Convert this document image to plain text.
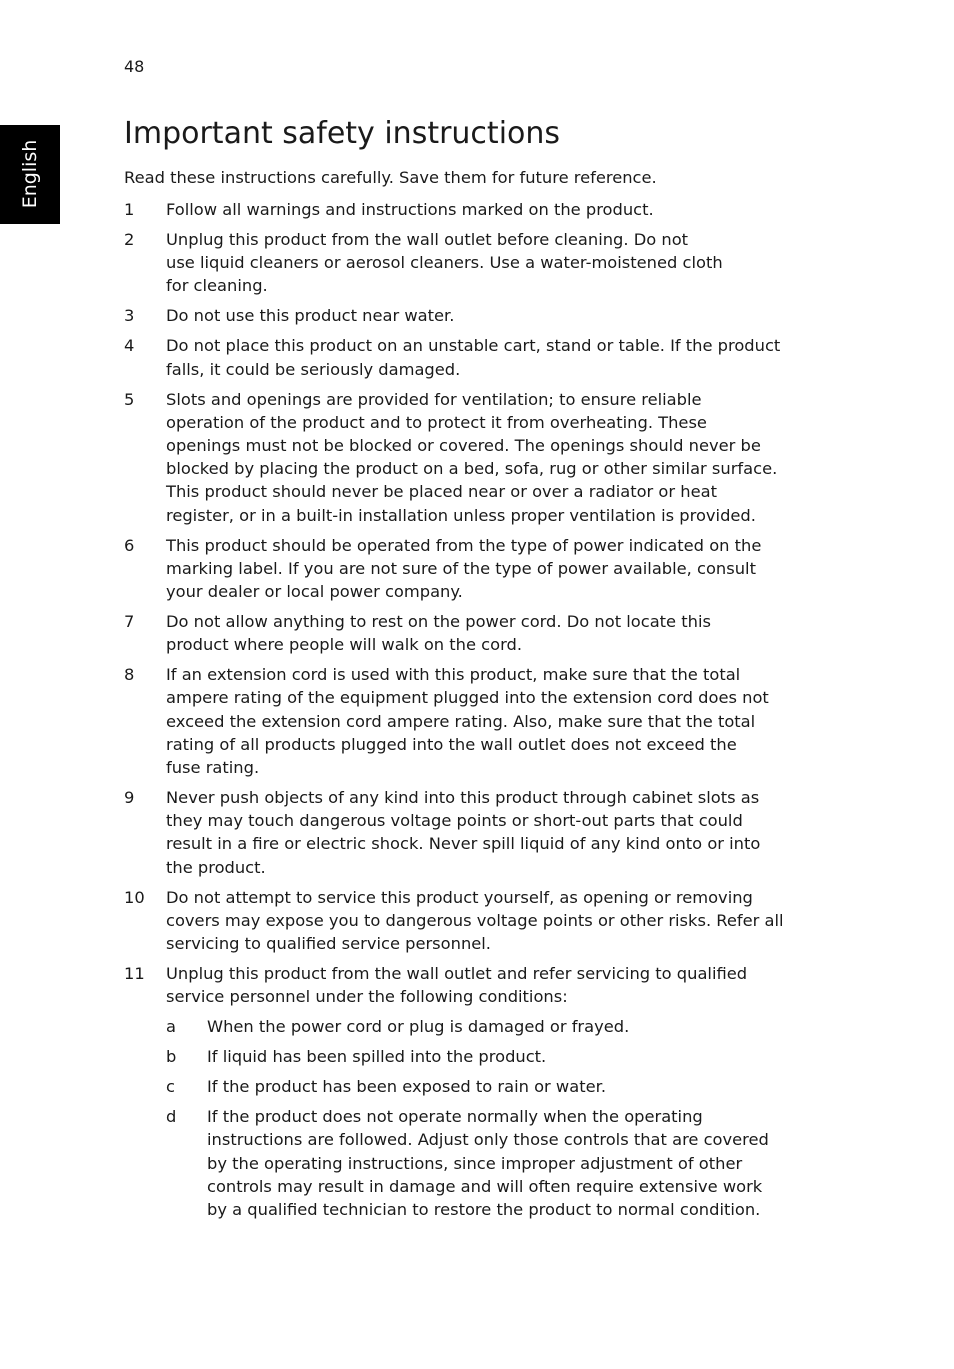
48
English
Important safety instructions

Read these instructions carefully. Save them for future reference.

1	Follow all warnings and instructions marked on the product.
2	Unplug this product from the wall outlet before cleaning. Do not
use liquid cleaners or aerosol cleaners. Use a water-moistened cloth
for cleaning.
3	Do not use this product near water.
4	Do not place this product on an unstable cart, stand or table. If the product
falls, it could be seriously damaged.
5	Slots and openings are provided for ventilation; to ensure reliable
operation of the product and to protect it from overheating. These
openings must not be blocked or covered. The openings should never be
blocked by placing the product on a bed, sofa, rug or other similar surface.
This product should never be placed near or over a radiator or heat
register, or in a built-in installation unless proper ventilation is provided.
6	This product should be operated from the type of power indicated on the
marking label. If you are not sure of the type of power available, consult
your dealer or local power company.
7	Do not allow anything to rest on the power cord. Do not locate this
product where people will walk on the cord.
8	If an extension cord is used with this product, make sure that the total
ampere rating of the equipment plugged into the extension cord does not
exceed the extension cord ampere rating. Also, make sure that the total
rating of all products plugged into the wall outlet does not exceed the
fuse rating.
9	Never push objects of any kind into this product through cabinet slots as
they may touch dangerous voltage points or short-out parts that could
result in a fire or electric shock. Never spill liquid of any kind onto or into
the product.
10	Do not attempt to service this product yourself, as opening or removing
covers may expose you to dangerous voltage points or other risks. Refer all
servicing to qualified service personnel.
11	Unplug this product from the wall outlet and refer servicing to qualified
service personnel under the following conditions:
a	When the power cord or plug is damaged or frayed.
b	If liquid has been spilled into the product.
c	If the product has been exposed to rain or water.
d	If the product does not operate normally when the operating
instructions are followed. Adjust only those controls that are covered
by the operating instructions, since improper adjustment of other
controls may result in damage and will often require extensive work
by a qualified technician to restore the product to normal condition.
